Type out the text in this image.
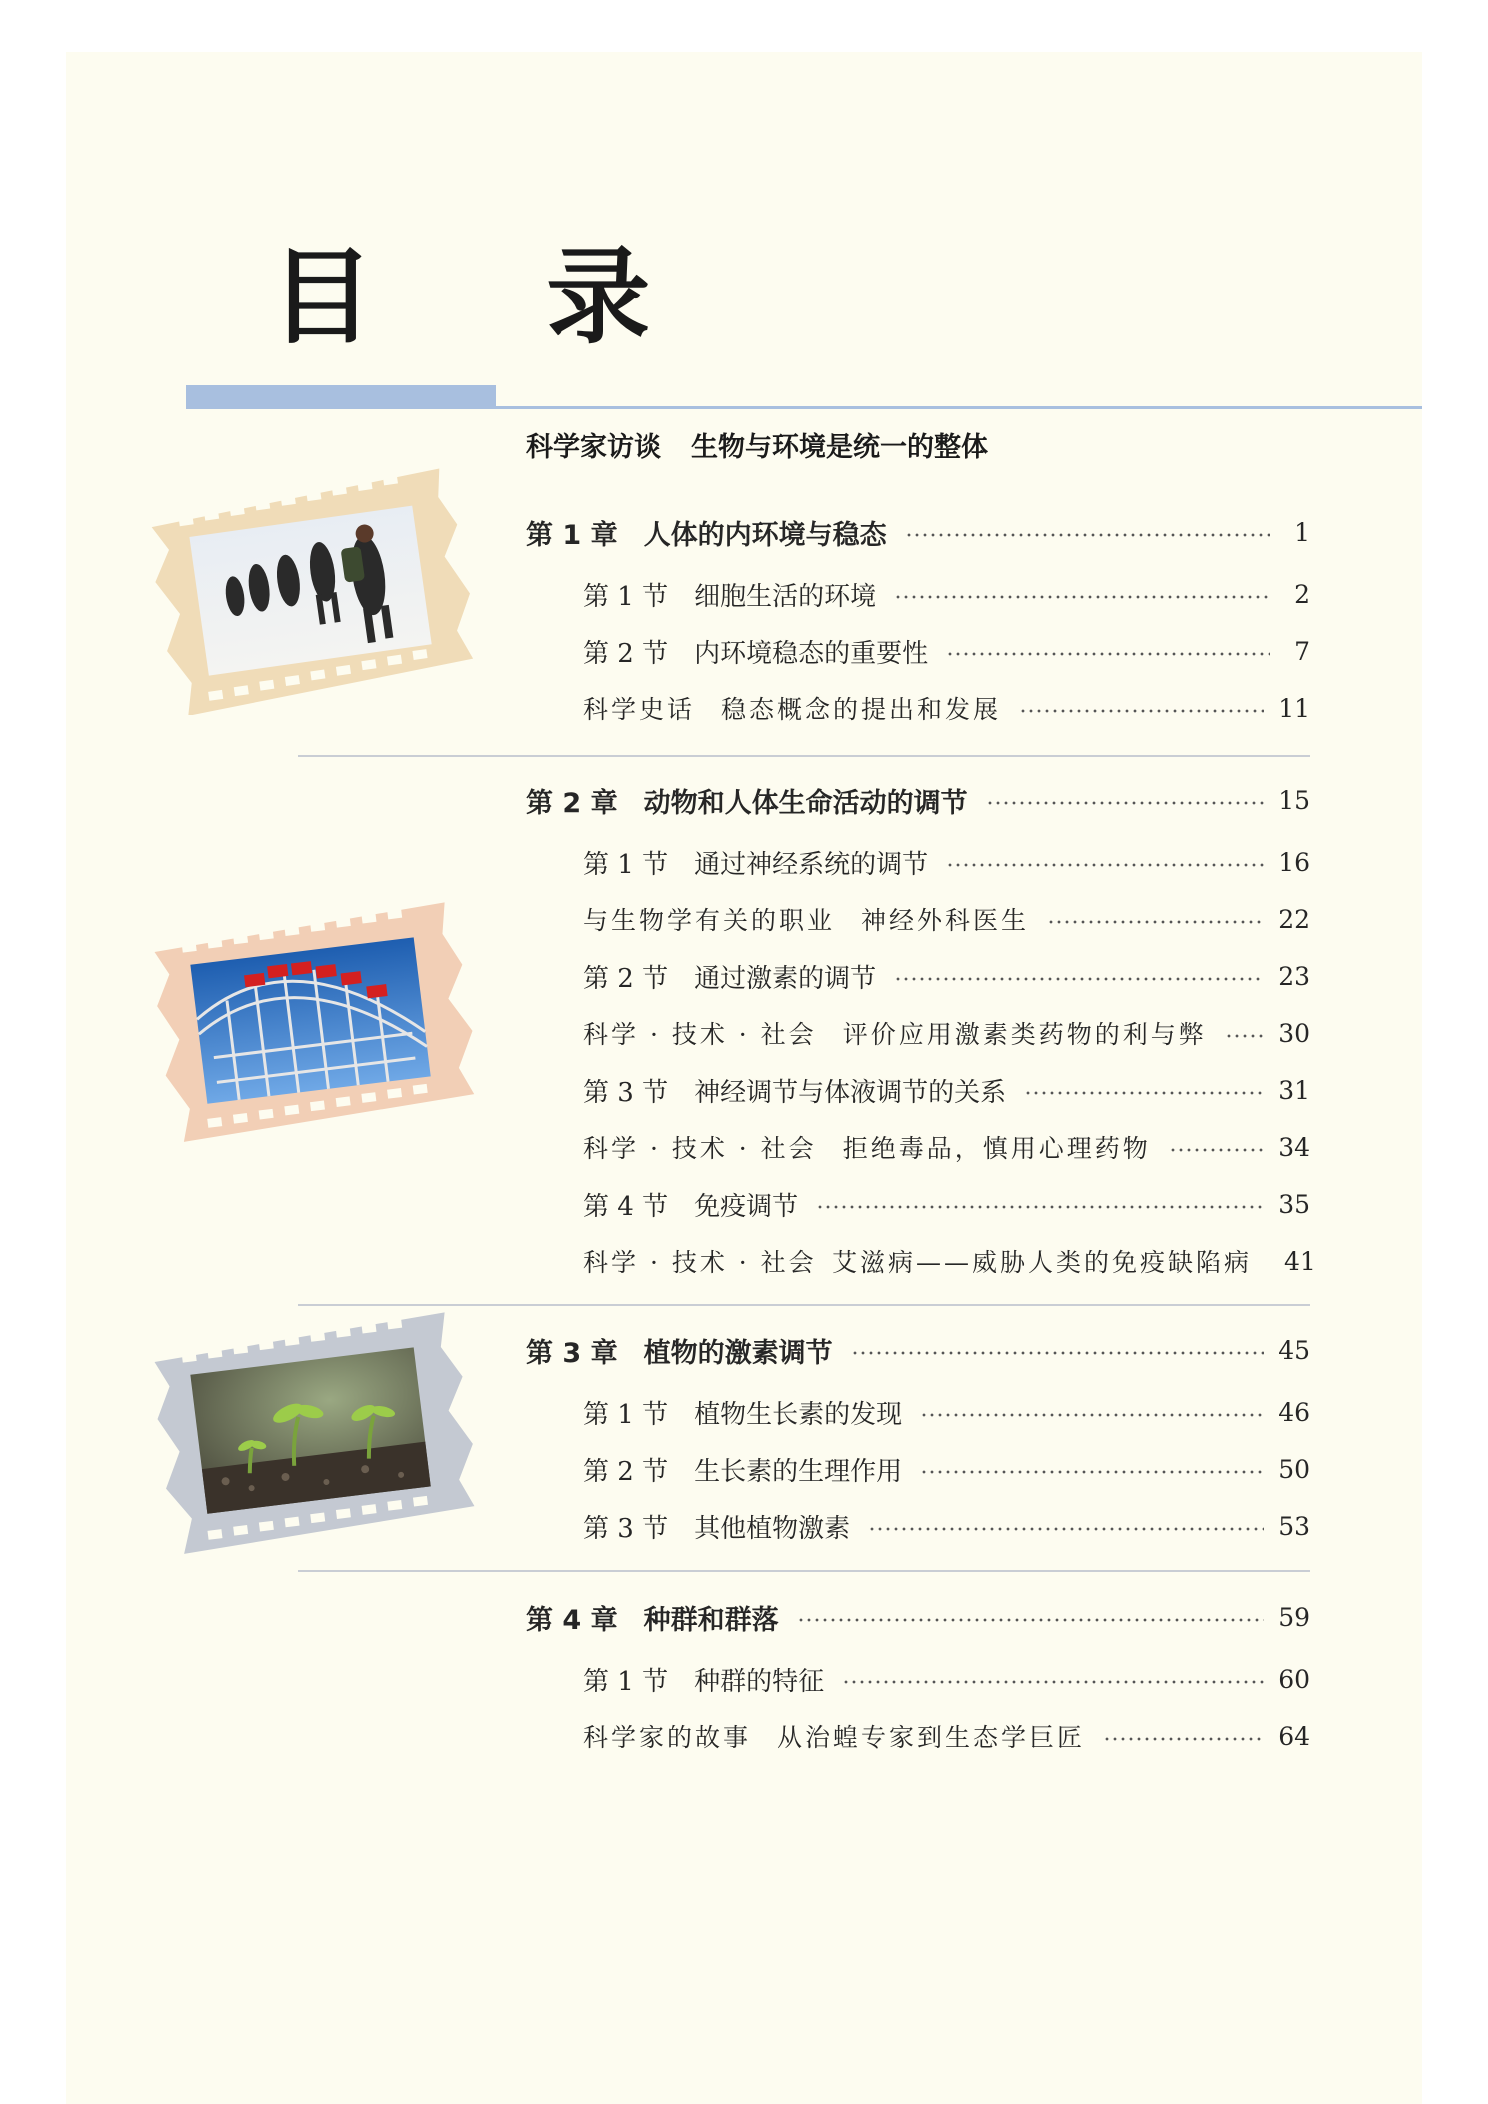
目 录
科学家访谈 生物与环境是统一的整体
第 1 章 人体的内环境与稳态	1
第 1 节 细胞生活的环境	2
第 2 节 内环境稳态的重要性	7
科学史话 稳态概念的提出和发展	11
第 2 章 动物和人体生命活动的调节	15
第 1 节 通过神经系统的调节	16
与生物学有关的职业 神经外科医生	22
第 2 节 通过激素的调节	23
科学 · 技术 · 社会 评价应用激素类药物的利与弊	30
第 3 节 神经调节与体液调节的关系	31
科学 · 技术 · 社会 拒绝毒品，慎用心理药物	34
第 4 节 免疫调节	35
科学 · 技术 · 社会 艾滋病——威胁人类的免疫缺陷病 41
第 3 章 植物的激素调节	45
第 1 节 植物生长素的发现	46
第 2 节 生长素的生理作用	50
第 3 节 其他植物激素	53
第 4 章 种群和群落	59
第 1 节 种群的特征	60
科学家的故事 从治蝗专家到生态学巨匠	64
